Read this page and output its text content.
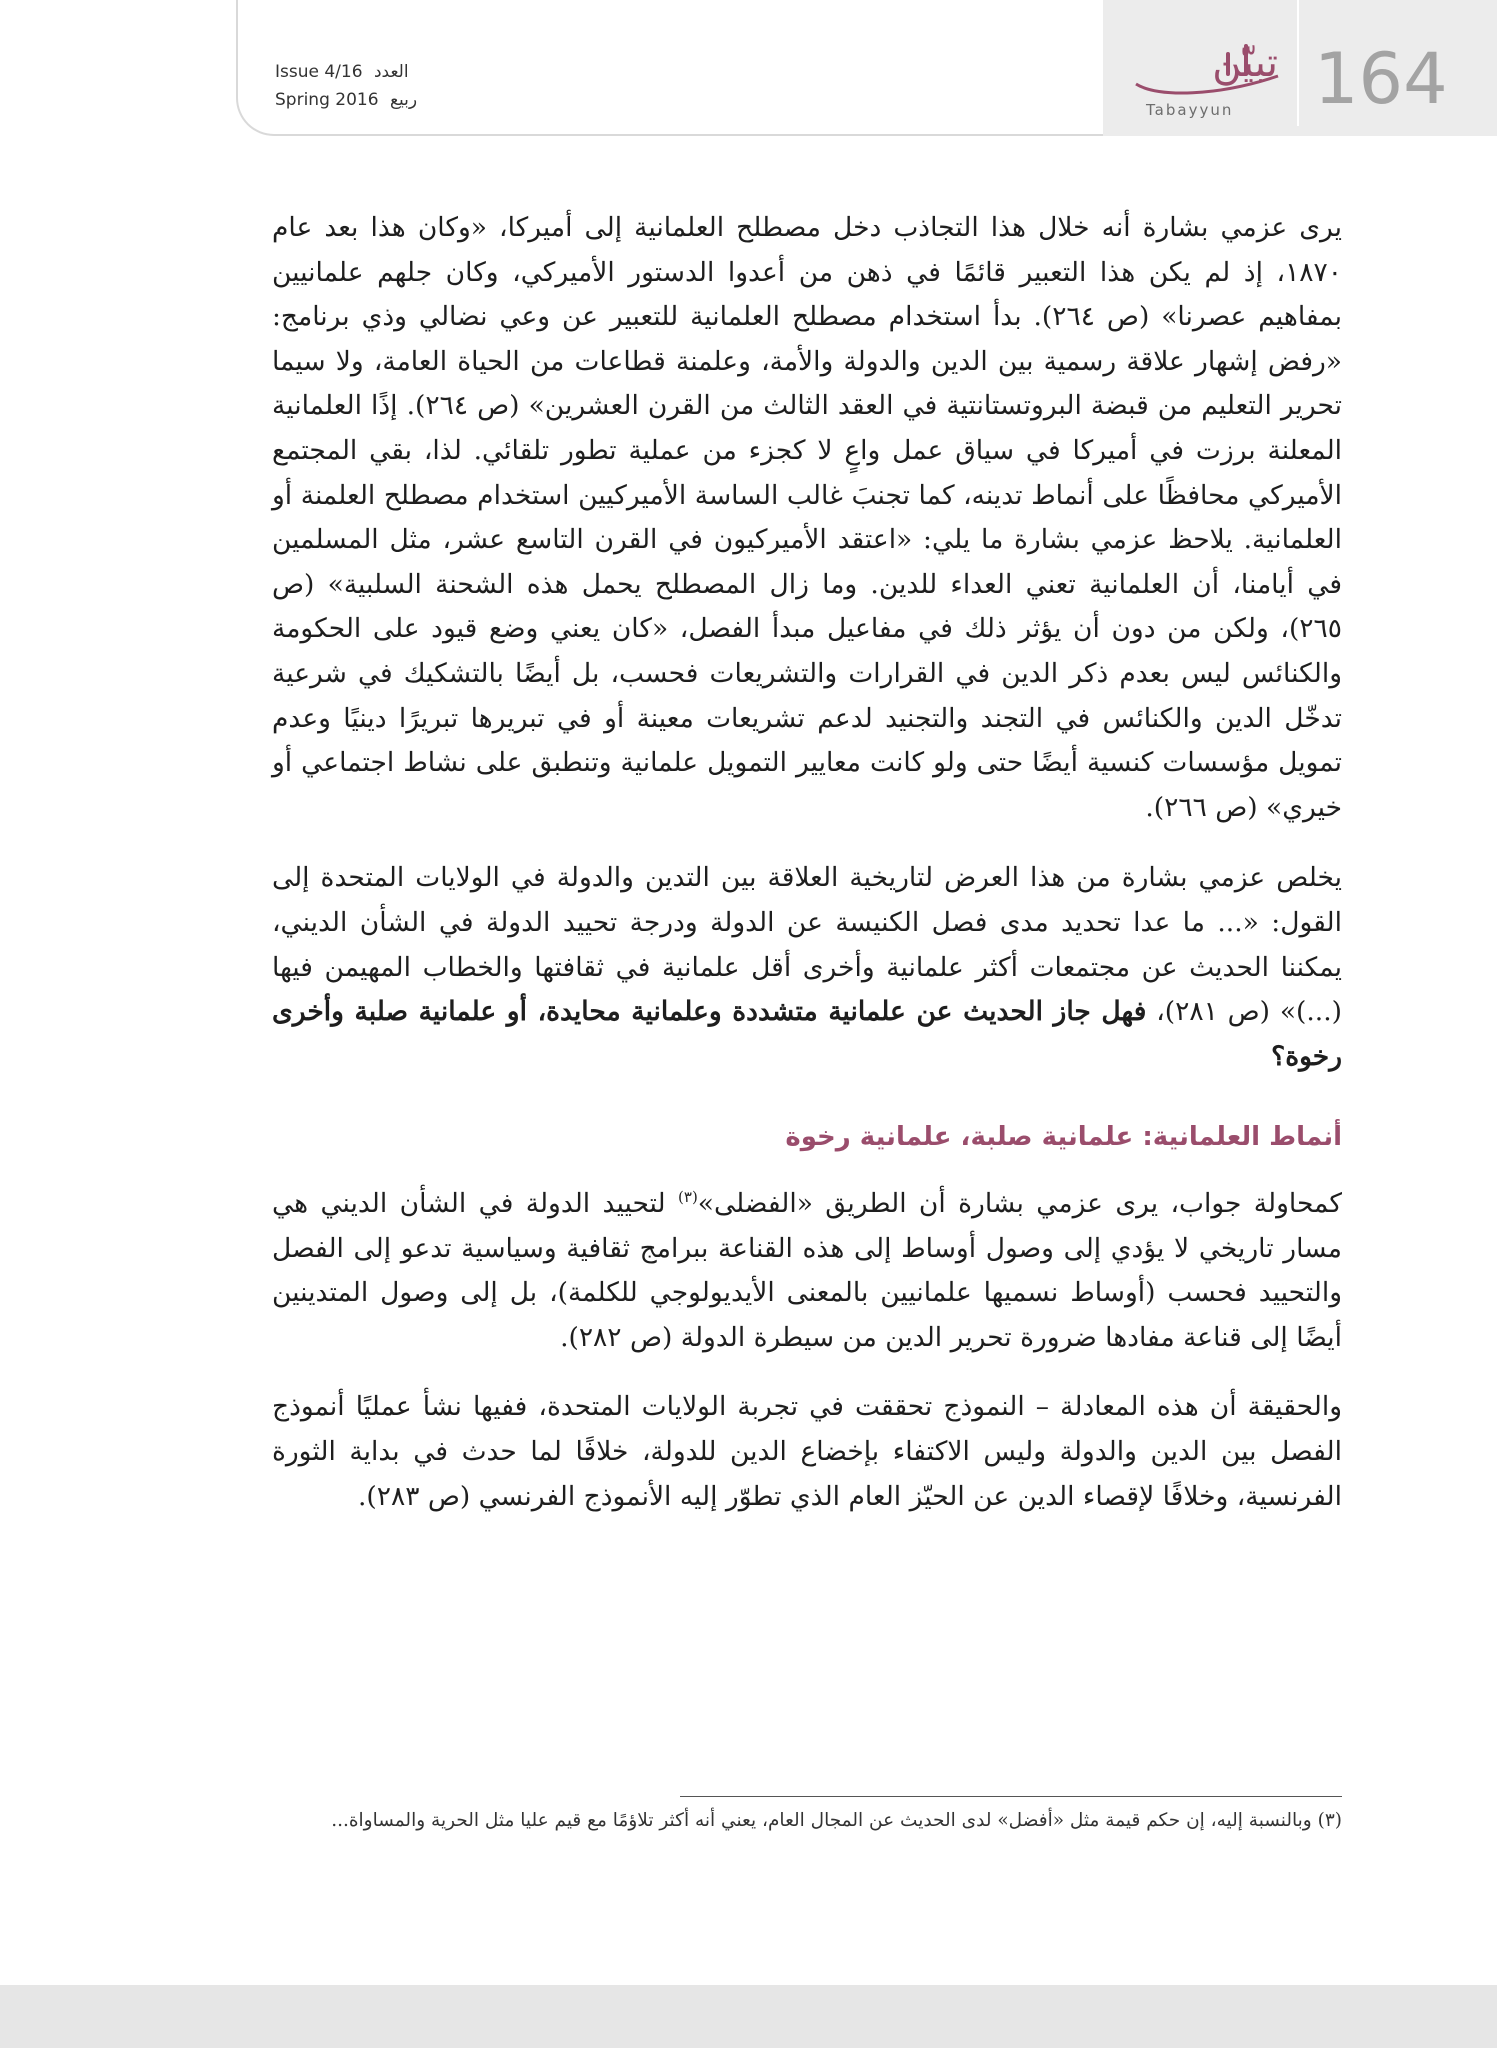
Issue 4/16 العدد
Spring 2016 ربيع
تبيّن
Tabayyun 164

يرى عزمي بشارة أنه خلال هذا التجاذب دخل مصطلح العلمانية إلى أميركا، «وكان هذا بعد عام ١٨٧٠، إذ لم يكن هذا التعبير قائمًا في ذهن من أعدوا الدستور الأميركي، وكان جلهم علمانيين بمفاهيم عصرنا» (ص ٢٦٤). بدأ استخدام مصطلح العلمانية للتعبير عن وعي نضالي وذي برنامج: «رفض إشهار علاقة رسمية بين الدين والدولة والأمة، وعلمنة قطاعات من الحياة العامة، ولا سيما تحرير التعليم من قبضة البروتستانتية في العقد الثالث من القرن العشرين» (ص ٢٦٤). إذًا العلمانية المعلنة برزت في أميركا في سياق عمل واعٍ لا كجزء من عملية تطور تلقائي. لذا، بقي المجتمع الأميركي محافظًا على أنماط تدينه، كما تجنبَ غالب الساسة الأميركيين استخدام مصطلح العلمنة أو العلمانية. يلاحظ عزمي بشارة ما يلي: «اعتقد الأميركيون في القرن التاسع عشر، مثل المسلمين في أيامنا، أن العلمانية تعني العداء للدين. وما زال المصطلح يحمل هذه الشحنة السلبية» (ص ٢٦٥)، ولكن من دون أن يؤثر ذلك في مفاعيل مبدأ الفصل، «كان يعني وضع قيود على الحكومة والكنائس ليس بعدم ذكر الدين في القرارات والتشريعات فحسب، بل أيضًا بالتشكيك في شرعية تدخّل الدين والكنائس في التجند والتجنيد لدعم تشريعات معينة أو في تبريرها تبريرًا دينيًا وعدم تمويل مؤسسات كنسية أيضًا حتى ولو كانت معايير التمويل علمانية وتنطبق على نشاط اجتماعي أو خيري» (ص ٢٦٦).

يخلص عزمي بشارة من هذا العرض لتاريخية العلاقة بين التدين والدولة في الولايات المتحدة إلى القول: «... ما عدا تحديد مدى فصل الكنيسة عن الدولة ودرجة تحييد الدولة في الشأن الديني، يمكننا الحديث عن مجتمعات أكثر علمانية وأخرى أقل علمانية في ثقافتها والخطاب المهيمن فيها (...)» (ص ٢٨١)، فهل جاز الحديث عن علمانية متشددة وعلمانية محايدة، أو علمانية صلبة وأخرى رخوة؟

أنماط العلمانية: علمانية صلبة، علمانية رخوة

كمحاولة جواب، يرى عزمي بشارة أن الطريق «الفضلى»$^{(٣)}$ لتحييد الدولة في الشأن الديني هي مسار تاريخي لا يؤدي إلى وصول أوساط إلى هذه القناعة ببرامج ثقافية وسياسية تدعو إلى الفصل والتحييد فحسب (أوساط نسميها علمانيين بالمعنى الأيديولوجي للكلمة)، بل إلى وصول المتدينين أيضًا إلى قناعة مفادها ضرورة تحرير الدين من سيطرة الدولة (ص ٢٨٢).

والحقيقة أن هذه المعادلة – النموذج تحققت في تجربة الولايات المتحدة، ففيها نشأ عمليًا أنموذج الفصل بين الدين والدولة وليس الاكتفاء بإخضاع الدين للدولة، خلافًا لما حدث في بداية الثورة الفرنسية، وخلافًا لإقصاء الدين عن الحيّز العام الذي تطوّر إليه الأنموذج الفرنسي (ص ٢٨٣).

(٣) وبالنسبة إليه، إن حكم قيمة مثل «أفضل» لدى الحديث عن المجال العام، يعني أنه أكثر تلاؤمًا مع قيم عليا مثل الحرية والمساواة...
